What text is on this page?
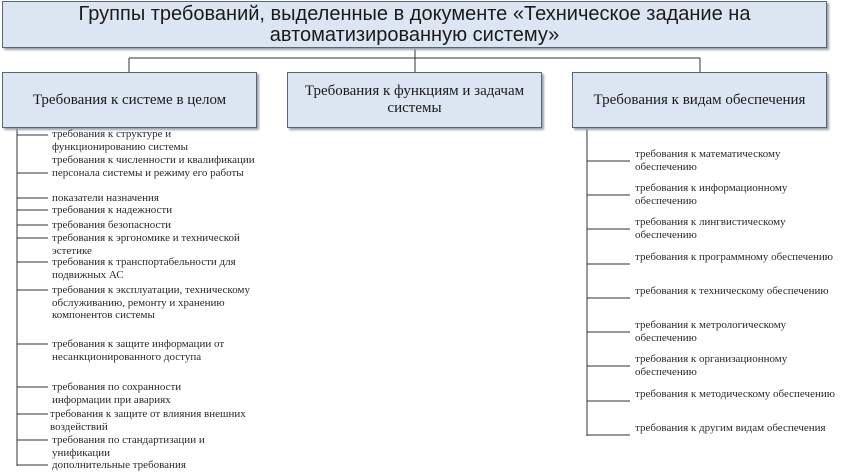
Группы требований, выделенные в документе «Техническое задание на автоматизированную систему»
Требования к системе в целом
Требования к функциям и задачам системы
Требования к видам обеспечения
требования к структуре и функционированию системы
требования к численности и квалификации персонала системы и режиму его работы
показатели назначения
требования к надежности
требования безопасности
требования к эргономике и технической эстетике
требования к транспортабельности для подвижных АС
требования к эксплуатации, техническому обслуживанию, ремонту и хранению компонентов системы
требования к защите информации от несанкционированного доступа
требования по сохранности информации при авариях
требования к защите от влияния внешних воздействий
требования по стандартизации и унификации
дополнительные требования
требования к математическому обеспечению
требования к информационному обеспечению
требования к лингвистическому обеспечению
требования к программному обеспечению
требования к техническому обеспечению
требования к метрологическому обеспечению
требования к организационному обеспечению
требования к методическому обеспечению
требования к другим видам обеспечения
